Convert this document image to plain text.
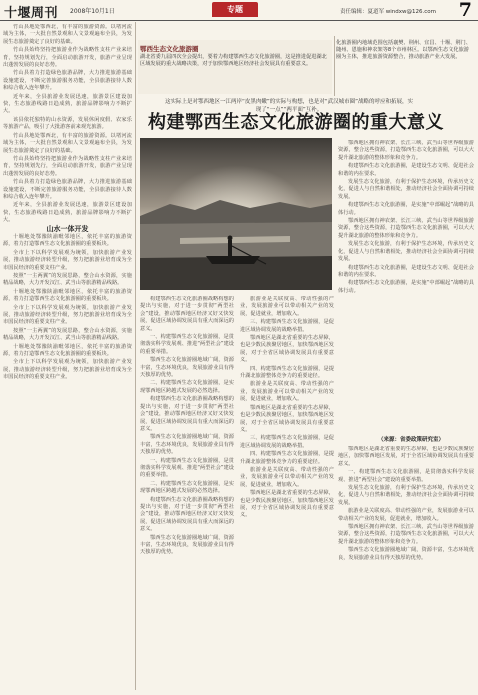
十堰周刊 2008年10月1日	专题	责任编辑：夏道军 windxw@126.com 7

竹山县地处鄂西北，有丰富的旅游资源。以堵河流域为主体，一大批自然景观和人文景观遍布全县，为发展生态旅游奠定了良好的基础。

竹山县始终坚持把旅游业作为战略性支柱产业来培育，坚持规划先行，全面启动旅游开发，旅游产业呈现出蓬勃发展的良好态势。

竹山县着力打造绿色旅游品牌，大力推进旅游基础设施建设，不断完善旅游服务功能，全县旅游接待人数和综合收入连年攀升。

近年来，全县旅游业发展迅速，旅游景区建设加快，生态旅游线路日趋成熟，旅游品牌影响力不断扩大。

该县依托独特的山水资源，发展休闲度假、农家乐等旅游产品，吸引了大批游客前来观光旅游。

竹山县地处鄂西北，有丰富的旅游资源。以堵河流域为主体，一大批自然景观和人文景观遍布全县，为发展生态旅游奠定了良好的基础。

竹山县始终坚持把旅游业作为战略性支柱产业来培育，坚持规划先行，全面启动旅游开发，旅游产业呈现出蓬勃发展的良好态势。

竹山县着力打造绿色旅游品牌，大力推进旅游基础设施建设，不断完善旅游服务功能，全县旅游接待人数和综合收入连年攀升。

近年来，全县旅游业发展迅速，旅游景区建设加快，生态旅游线路日趋成熟，旅游品牌影响力不断扩大。

山水一体开发

十堰地处鄂豫陕渝毗邻地区，依托丰富的旅游资源，着力打造鄂西生态文化旅游圈的重要板块。

全市上下以科学发展观为统领，加快旅游产业发展，推动旅游经济转型升级，努力把旅游业培育成为全市国民经济的重要支柱产业。

按照“一主两翼”的发展思路，整合山水资源，实施精品战略，大力开发汉江、武当山等旅游精品线路。

十堰地处鄂豫陕渝毗邻地区，依托丰富的旅游资源，着力打造鄂西生态文化旅游圈的重要板块。

全市上下以科学发展观为统领，加快旅游产业发展，推动旅游经济转型升级，努力把旅游业培育成为全市国民经济的重要支柱产业。

按照“一主两翼”的发展思路，整合山水资源，实施精品战略，大力开发汉江、武当山等旅游精品线路。

十堰地处鄂豫陕渝毗邻地区，依托丰富的旅游资源，着力打造鄂西生态文化旅游圈的重要板块。

全市上下以科学发展观为统领，加快旅游产业发展，推动旅游经济转型升级，努力把旅游业培育成为全市国民经济的重要支柱产业。

鄂西生态文化旅游圈
湖北省委九届四次全会提出，要着力构建鄂西生态文化旅游圈，这是推进促进湖北区域发展的重大战略决策，对于加快鄂西地区经济社会发展具有重要意义。
化旅游圈内地域范围包括襄樊、荆州、宜昌、十堰、荆门、随州、恩施和神农架等8个市州林区。以鄂西生态文化旅游圈为主体，推进旅游资源整合，推动旅游产业大发展。
这实际上是对鄂西地区一江两岸“皮黑肉嫩”的实际与构想，也是对“武汉城市圈”战略的呼应和拓展，实现了“一点”“两平面”互补。
构建鄂西生态文化旅游圈的重大意义

构建鄂西生态文化旅游圈战略构想的提出与实施，对于进一步贯彻“两型社会”建设，推动鄂西地区经济又好又快发展，促进区域协调发展具有重大而深远的意义。

一、构建鄂西生态文化旅游圈，是贯彻落实科学发展观、推进“两型社会”建设的重要举措。

鄂西生态文化旅游圈地域广阔，资源丰富，生态环境优良，发展旅游业具有得天独厚的优势。

二、构建鄂西生态文化旅游圈，是实现鄂西地区跨越式发展的必然选择。

构建鄂西生态文化旅游圈战略构想的提出与实施，对于进一步贯彻“两型社会”建设，推动鄂西地区经济又好又快发展，促进区域协调发展具有重大而深远的意义。

鄂西生态文化旅游圈地域广阔，资源丰富，生态环境优良，发展旅游业具有得天独厚的优势。

一、构建鄂西生态文化旅游圈，是贯彻落实科学发展观、推进“两型社会”建设的重要举措。

二、构建鄂西生态文化旅游圈，是实现鄂西地区跨越式发展的必然选择。

构建鄂西生态文化旅游圈战略构想的提出与实施，对于进一步贯彻“两型社会”建设，推动鄂西地区经济又好又快发展，促进区域协调发展具有重大而深远的意义。

鄂西生态文化旅游圈地域广阔，资源丰富，生态环境优良，发展旅游业具有得天独厚的优势。

旅游业是关联度高、带动性强的产业，发展旅游业可以带动相关产业的发展，促进就业，增加收入。

三、构建鄂西生态文化旅游圈，是促进区域协调发展的战略举措。

鄂西地区是湖北省重要的生态屏障，也是少数民族聚居地区，加快鄂西地区发展，对于全省区域协调发展具有重要意义。

四、构建鄂西生态文化旅游圈，是提升湖北旅游整体竞争力的重要途径。

旅游业是关联度高、带动性强的产业，发展旅游业可以带动相关产业的发展，促进就业，增加收入。

鄂西地区是湖北省重要的生态屏障，也是少数民族聚居地区，加快鄂西地区发展，对于全省区域协调发展具有重要意义。

三、构建鄂西生态文化旅游圈，是促进区域协调发展的战略举措。

四、构建鄂西生态文化旅游圈，是提升湖北旅游整体竞争力的重要途径。

旅游业是关联度高、带动性强的产业，发展旅游业可以带动相关产业的发展，促进就业，增加收入。

鄂西地区是湖北省重要的生态屏障，也是少数民族聚居地区，加快鄂西地区发展，对于全省区域协调发展具有重要意义。

鄂西地区拥有神农架、长江三峡、武当山等世界级旅游资源，整合这些资源，打造鄂西生态文化旅游圈，可以大大提升湖北旅游的整体形象和竞争力。

构建鄂西生态文化旅游圈，是建设生态文明、促进社会和谐的内在要求。

发展生态文化旅游，有利于保护生态环境，传承历史文化，促进人与自然和谐相处，推动经济社会全面协调可持续发展。

构建鄂西生态文化旅游圈，是实施“中部崛起”战略的具体行动。

鄂西地区拥有神农架、长江三峡、武当山等世界级旅游资源，整合这些资源，打造鄂西生态文化旅游圈，可以大大提升湖北旅游的整体形象和竞争力。

发展生态文化旅游，有利于保护生态环境，传承历史文化，促进人与自然和谐相处，推动经济社会全面协调可持续发展。

构建鄂西生态文化旅游圈，是建设生态文明、促进社会和谐的内在要求。

构建鄂西生态文化旅游圈，是实施“中部崛起”战略的具体行动。

（来源：省委政策研究室）

鄂西地区是湖北省重要的生态屏障，也是少数民族聚居地区，加快鄂西地区发展，对于全省区域协调发展具有重要意义。

一、构建鄂西生态文化旅游圈，是贯彻落实科学发展观、推进“两型社会”建设的重要举措。

发展生态文化旅游，有利于保护生态环境，传承历史文化，促进人与自然和谐相处，推动经济社会全面协调可持续发展。

旅游业是关联度高、带动性强的产业，发展旅游业可以带动相关产业的发展，促进就业，增加收入。

鄂西地区拥有神农架、长江三峡、武当山等世界级旅游资源，整合这些资源，打造鄂西生态文化旅游圈，可以大大提升湖北旅游的整体形象和竞争力。

鄂西生态文化旅游圈地域广阔，资源丰富，生态环境优良，发展旅游业具有得天独厚的优势。
